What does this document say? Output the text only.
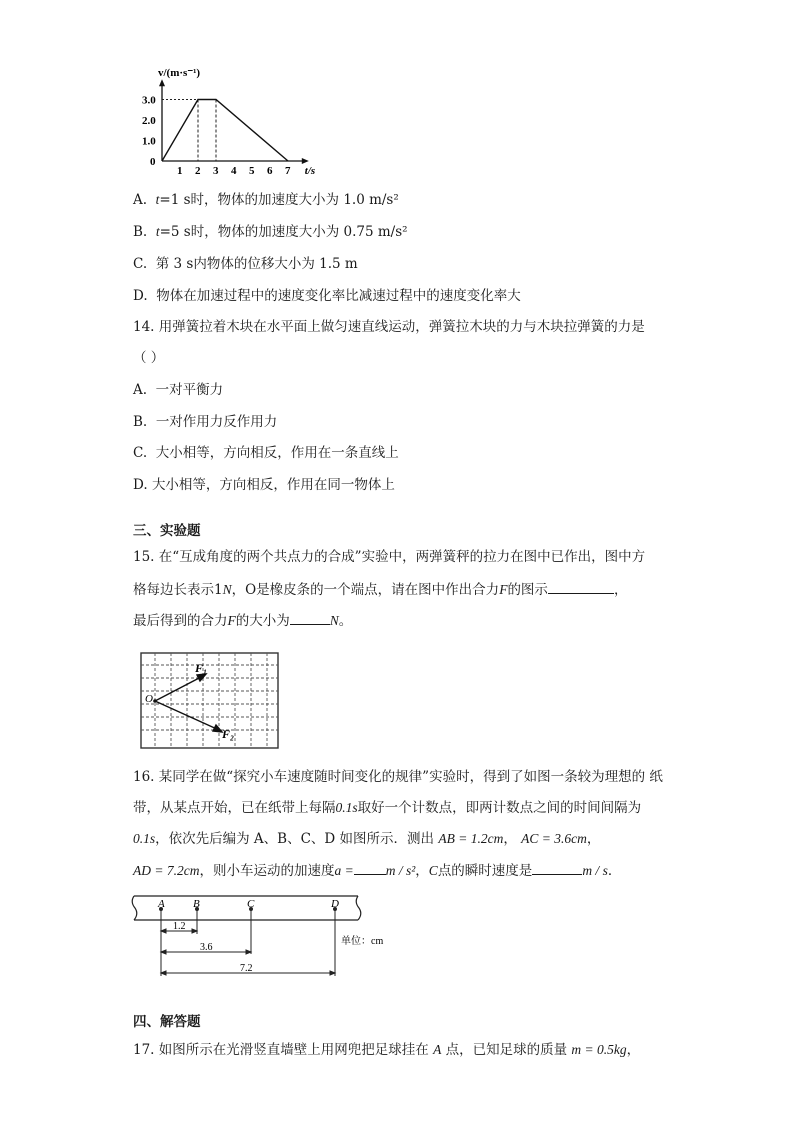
1 2 3 4 5 6 7
1.0
2.0
3.0
0
v/(m·s⁻¹)
t/s
A. t=1 s时，物体的加速度大小为 1.0 m/s²
B. t=5 s时，物体的加速度大小为 0.75 m/s²
C. 第 3 s内物体的位移大小为 1.5 m
D. 物体在加速过程中的速度变化率比减速过程中的速度变化率大
14. 用弹簧拉着木块在水平面上做匀速直线运动，弹簧拉木块的力与木块拉弹簧的力是
（ ）
A. 一对平衡力
B. 一对作用力反作用力
C. 大小相等，方向相反，作用在一条直线上
D. 大小相等，方向相反，作用在同一物体上
三、实验题
15. 在“互成角度的两个共点力的合成”实验中，两弹簧秤的拉力在图中已作出，图中方
格每边长表示1N，O是橡皮条的一个端点，请在图中作出合力F的图示	，
最后得到的合力F的大小为	N。
O
F₁
F₂
16. 某同学在做“探究小车速度随时间变化的规律”实验时，得到了如图一条较为理想的 纸
带，从某点开始，已在纸带上每隔0.1s取好一个计数点，即两计数点之间的时间间隔为
0.1s，依次先后编为 A、B、C、D 如图所示．测出 AB = 1.2cm， AC = 3.6cm，
AD = 7.2cm，则小车运动的加速度a = m / s²，C点的瞬时速度是	m / s．
A	B	C	D
1.2
3.6
7.2
单位：cm
四、解答题
17. 如图所示在光滑竖直墙壁上用网兜把足球挂在 A 点，已知足球的质量 m = 0.5kg，
